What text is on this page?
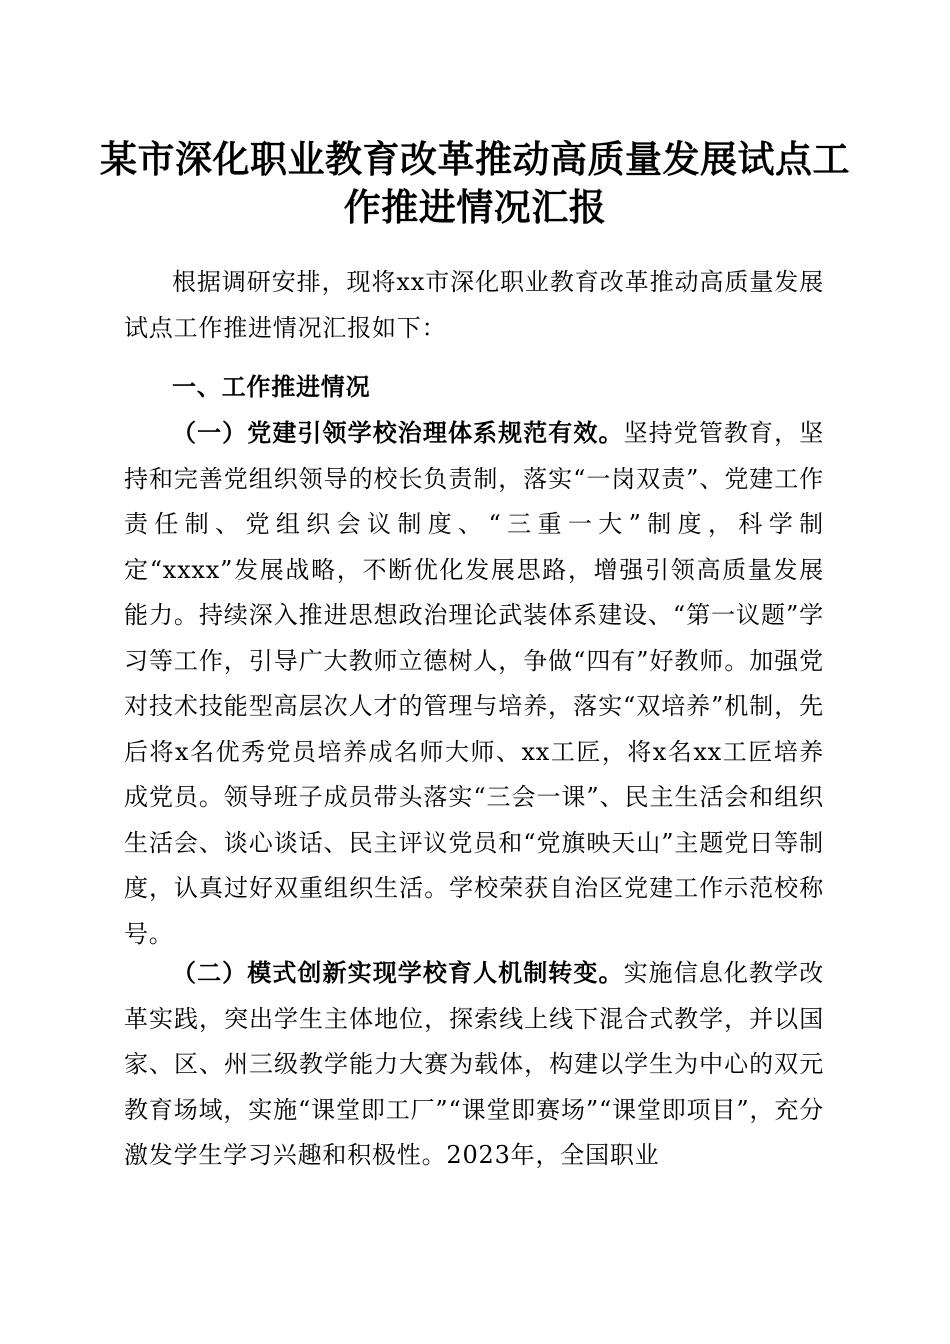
某市深化职业教育改革推动高质量发展试点工
作推进情况汇报

根据调研安排，现将xx市深化职业教育改革推动高质量发展试点工作推进情况汇报如下：

一、工作推进情况

（一）党建引领学校治理体系规范有效。坚持党管教育，坚持和完善党组织领导的校长负责制，落实“一岗双责”、党建工作责任制、党组织会议制度、“三重一大”制度，科学制定“xxxx”发展战略，不断优化发展思路，增强引领高质量发展能力。持续深入推进思想政治理论武装体系建设、“第一议题”学习等工作，引导广大教师立德树人，争做“四有”好教师。加强党对技术技能型高层次人才的管理与培养，落实“双培养”机制，先后将x名优秀党员培养成名师大师、xx工匠，将x名xx工匠培养成党员。领导班子成员带头落实“三会一课”、民主生活会和组织生活会、谈心谈话、民主评议党员和“党旗映天山”主题党日等制度，认真过好双重组织生活。学校荣获自治区党建工作示范校称号。

（二）模式创新实现学校育人机制转变。实施信息化教学改革实践，突出学生主体地位，探索线上线下混合式教学，并以国家、区、州三级教学能力大赛为载体，构建以学生为中心的双元教育场域，实施“课堂即工厂”“课堂即赛场”“课堂即项目”，充分激发学生学习兴趣和积极性。2023年，全国职业
